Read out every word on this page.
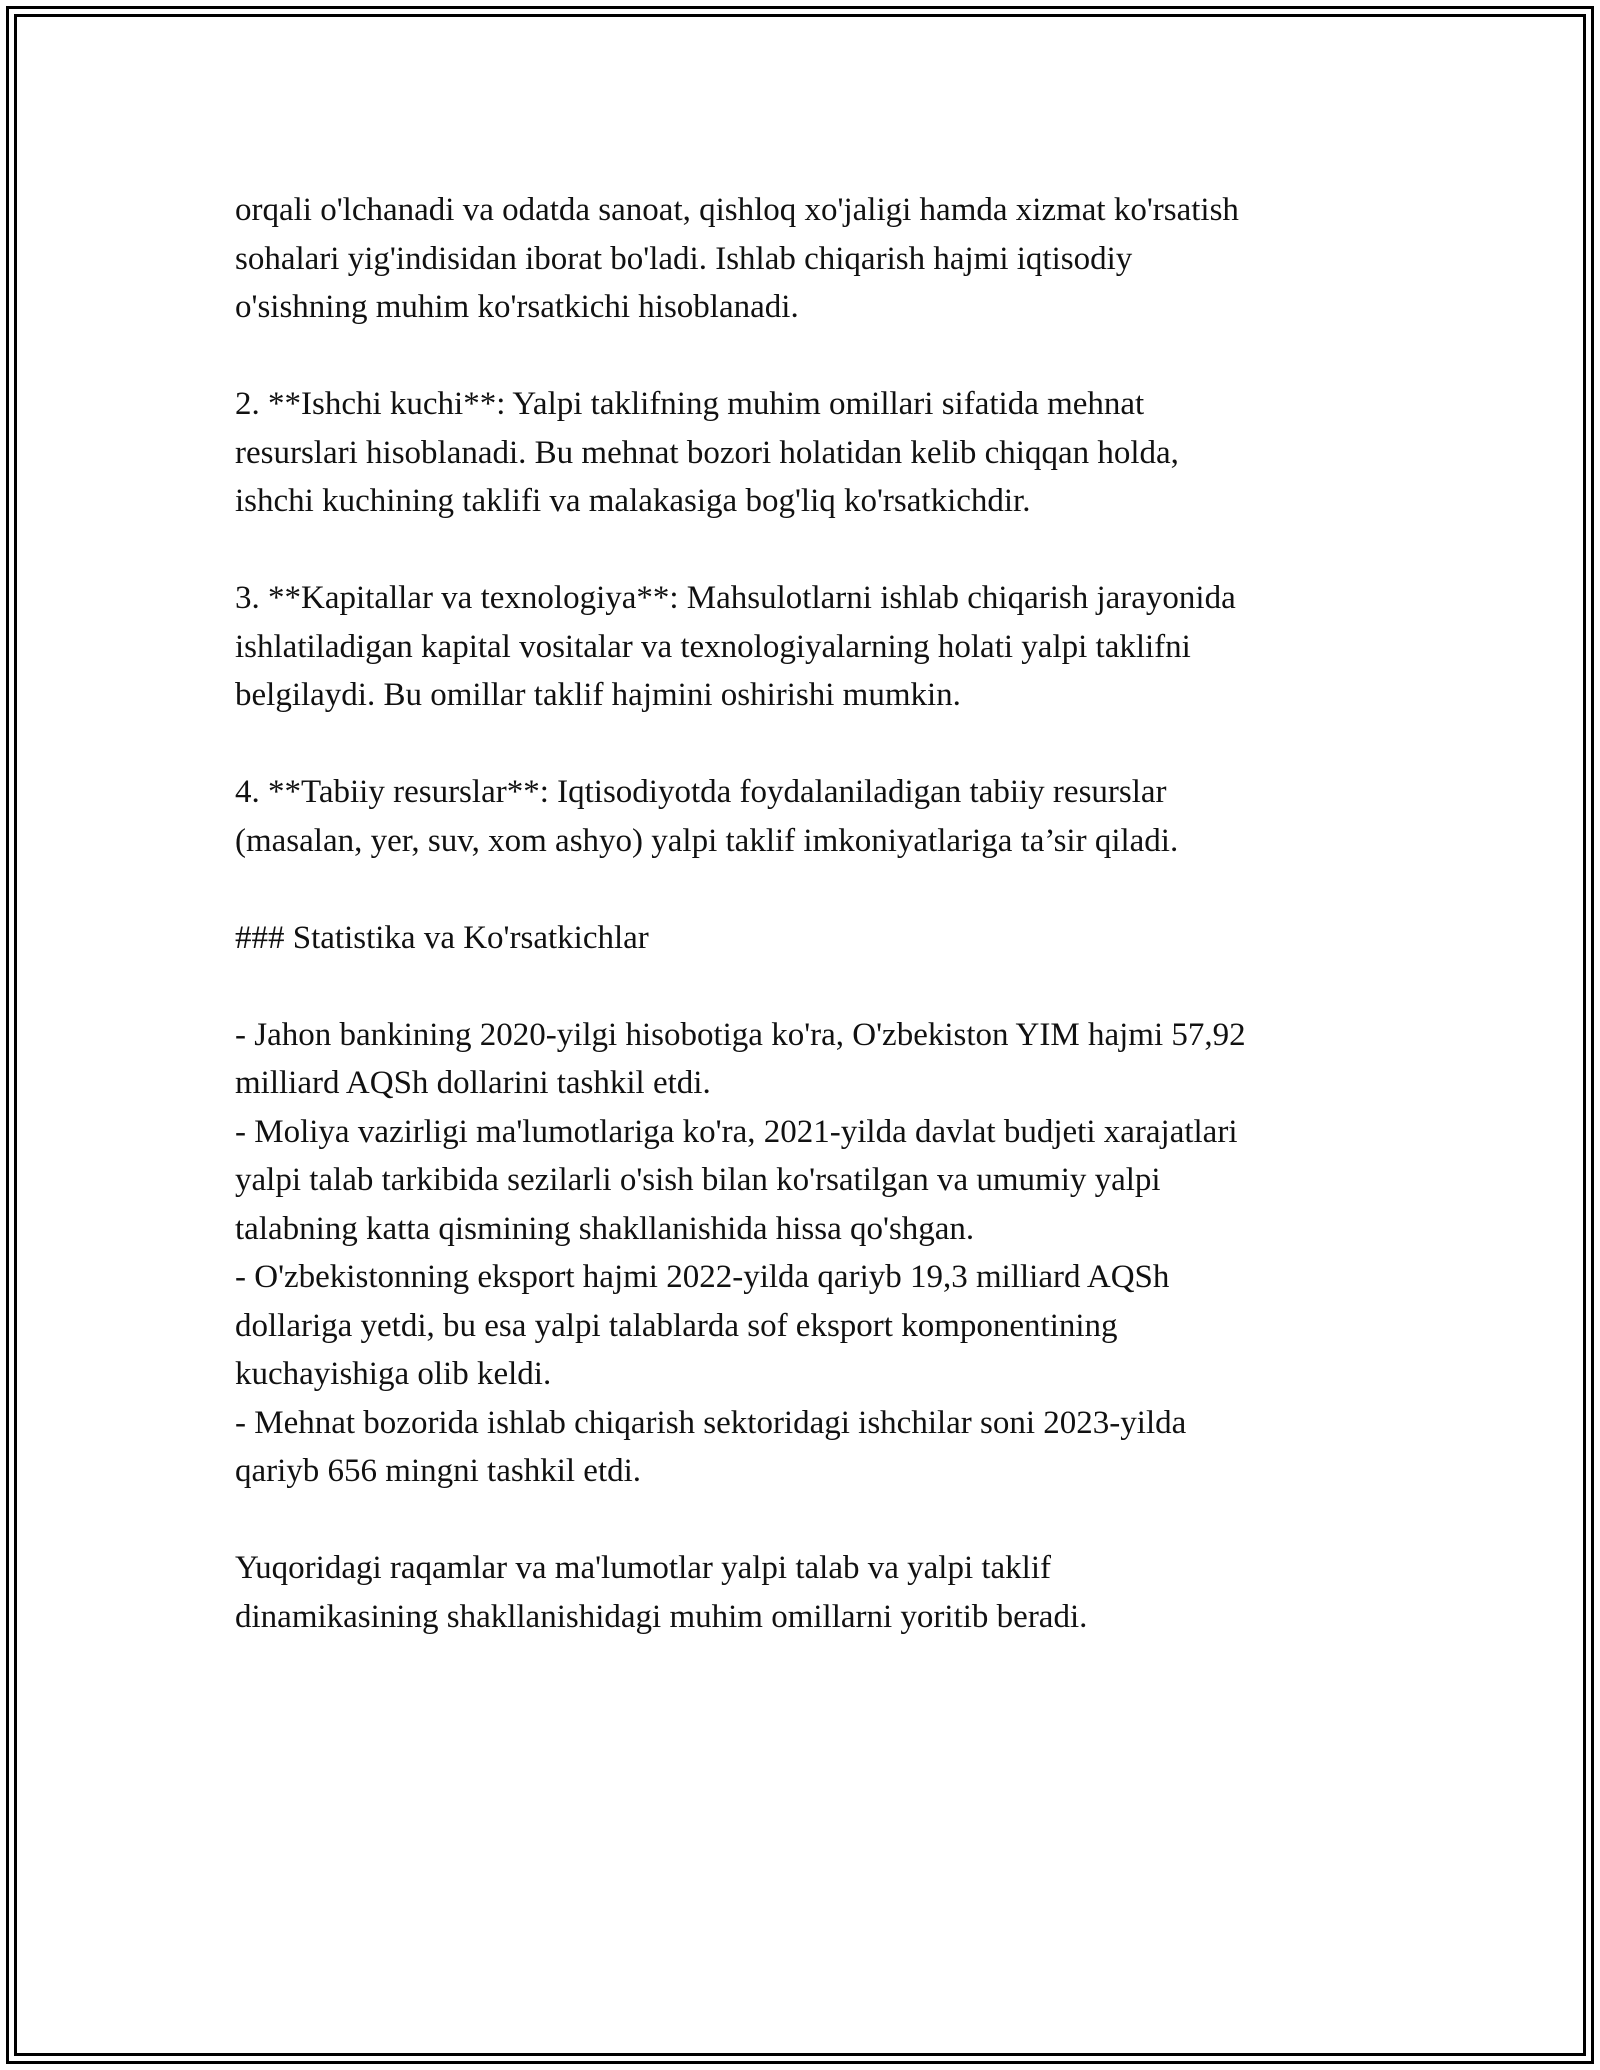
orqali o'lchanadi va odatda sanoat, qishloq xo'jaligi hamda xizmat ko'rsatish
sohalari yig'indisidan iborat bo'ladi. Ishlab chiqarish hajmi iqtisodiy
o'sishning muhim ko'rsatkichi hisoblanadi.

2. **Ishchi kuchi**: Yalpi taklifning muhim omillari sifatida mehnat
resurslari hisoblanadi. Bu mehnat bozori holatidan kelib chiqqan holda,
ishchi kuchining taklifi va malakasiga bog'liq ko'rsatkichdir.

3. **Kapitallar va texnologiya**: Mahsulotlarni ishlab chiqarish jarayonida
ishlatiladigan kapital vositalar va texnologiyalarning holati yalpi taklifni
belgilaydi. Bu omillar taklif hajmini oshirishi mumkin.

4. **Tabiiy resurslar**: Iqtisodiyotda foydalaniladigan tabiiy resurslar
(masalan, yer, suv, xom ashyo) yalpi taklif imkoniyatlariga ta’sir qiladi.

### Statistika va Ko'rsatkichlar

- Jahon bankining 2020-yilgi hisobotiga ko'ra, O'zbekiston YIM hajmi 57,92
milliard AQSh dollarini tashkil etdi.
- Moliya vazirligi ma'lumotlariga ko'ra, 2021-yilda davlat budjeti xarajatlari
yalpi talab tarkibida sezilarli o'sish bilan ko'rsatilgan va umumiy yalpi
talabning katta qismining shakllanishida hissa qo'shgan.
- O'zbekistonning eksport hajmi 2022-yilda qariyb 19,3 milliard AQSh
dollariga yetdi, bu esa yalpi talablarda sof eksport komponentining
kuchayishiga olib keldi.
- Mehnat bozorida ishlab chiqarish sektoridagi ishchilar soni 2023-yilda
qariyb 656 mingni tashkil etdi.

Yuqoridagi raqamlar va ma'lumotlar yalpi talab va yalpi taklif
dinamikasining shakllanishidagi muhim omillarni yoritib beradi.
